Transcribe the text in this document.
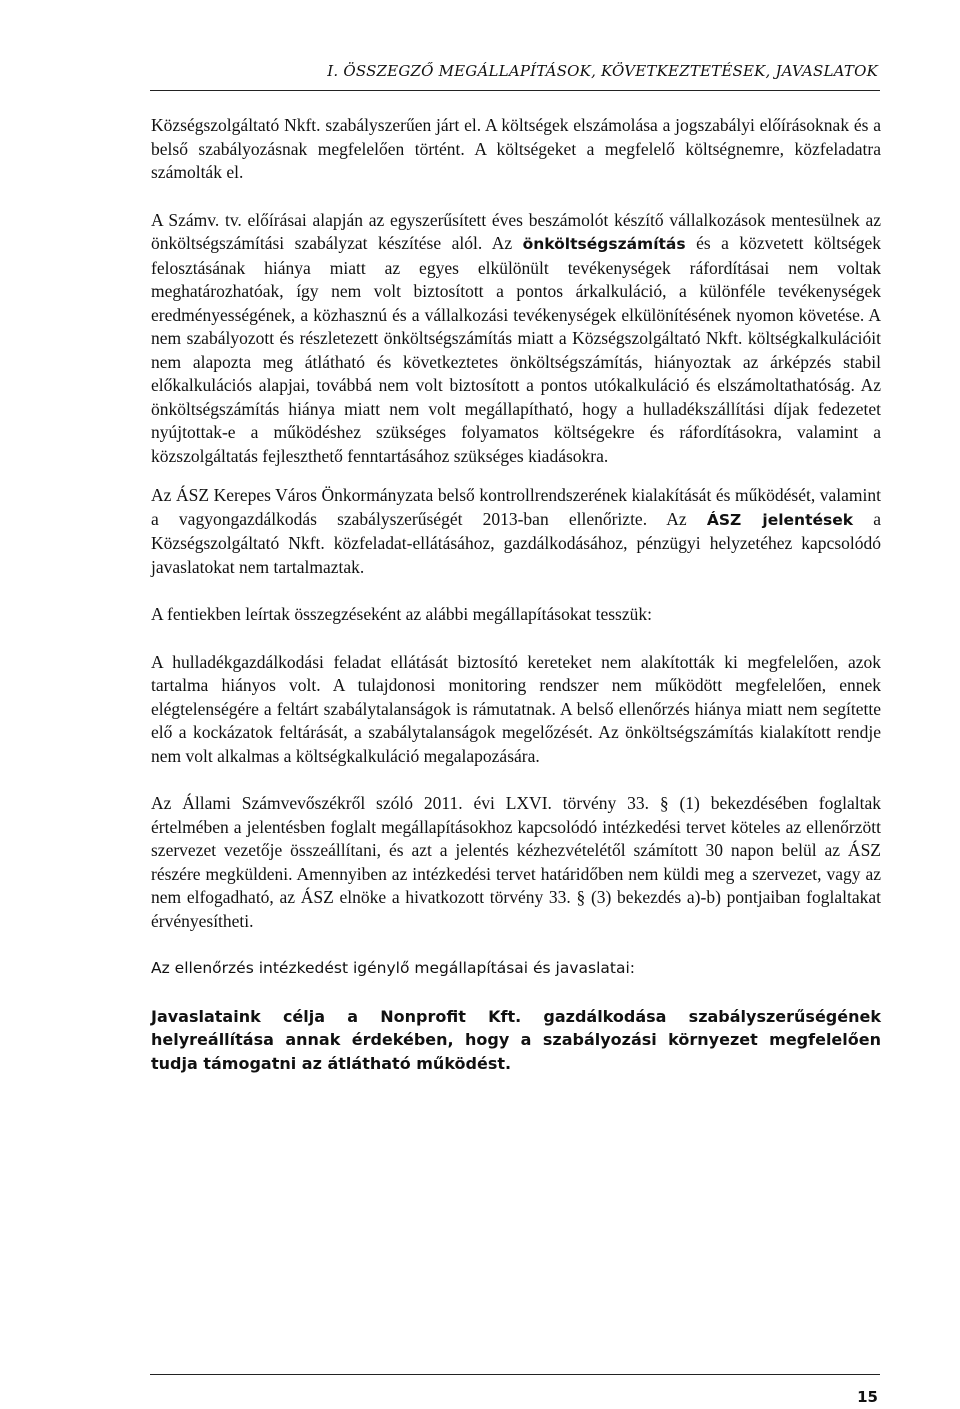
I. ÖSSZEGZŐ MEGÁLLAPÍTÁSOK, KÖVETKEZTETÉSEK, JAVASLATOK

Községszolgáltató Nkft. szabályszerűen járt el. A költségek elszámolása a jogszabályi előírásoknak és a belső szabályozásnak megfelelően történt. A költségeket a megfelelő költségnemre, közfeladatra számolták el.

A Számv. tv. előírásai alapján az egyszerűsített éves beszámolót készítő vállalkozások mentesülnek az önköltségszámítási szabályzat készítése alól. Az önköltségszámítás és a közvetett költségek felosztásának hiánya miatt az egyes elkülönült tevékenységek ráfordításai nem voltak meghatározhatóak, így nem volt biztosított a pontos árkalkuláció, a különféle tevékenységek eredményességének, a közhasznú és a vállalkozási tevékenységek elkülönítésének nyomon követése. A nem szabályozott és részletezett önköltségszámítás miatt a Községszolgáltató Nkft. költségkalkulációit nem alapozta meg átlátható és következtetes önköltségszámítás, hiányoztak az árképzés stabil előkalkulációs alapjai, továbbá nem volt biztosított a pontos utókalkuláció és elszámoltathatóság. Az önköltségszámítás hiánya miatt nem volt megállapítható, hogy a hulladékszállítási díjak fedezetet nyújtottak-e a működéshez szükséges folyamatos költségekre és ráfordításokra, valamint a közszolgáltatás fejleszthető fenntartásához szükséges kiadásokra.

Az ÁSZ Kerepes Város Önkormányzata belső kontrollrendszerének kialakítását és működését, valamint a vagyongazdálkodás szabályszerűségét 2013-ban ellenőrizte. Az ÁSZ jelentések a Községszolgáltató Nkft. közfeladat-ellátásához, gazdálkodásához, pénzügyi helyzetéhez kapcsolódó javaslatokat nem tartalmaztak.

A fentiekben leírtak összegzéseként az alábbi megállapításokat tesszük:

A hulladékgazdálkodási feladat ellátását biztosító kereteket nem alakították ki megfelelően, azok tartalma hiányos volt. A tulajdonosi monitoring rendszer nem működött megfelelően, ennek elégtelenségére a feltárt szabálytalanságok is rámutatnak. A belső ellenőrzés hiánya miatt nem segítette elő a kockázatok feltárását, a szabálytalanságok megelőzését. Az önköltségszámítás kialakított rendje nem volt alkalmas a költségkalkuláció megalapozására.

Az Állami Számvevőszékről szóló 2011. évi LXVI. törvény 33. § (1) bekezdésében foglaltak értelmében a jelentésben foglalt megállapításokhoz kapcsolódó intézkedési tervet köteles az ellenőrzött szervezet vezetője összeállítani, és azt a jelentés kézhezvételétől számított 30 napon belül az ÁSZ részére megküldeni. Amennyiben az intézkedési tervet határidőben nem küldi meg a szervezet, vagy az nem elfogadható, az ÁSZ elnöke a hivatkozott törvény 33. § (3) bekezdés a)-b) pontjaiban foglaltakat érvényesítheti.

Az ellenőrzés intézkedést igénylő megállapításai és javaslatai:

Javaslataink célja a Nonprofit Kft. gazdálkodása szabályszerűségének helyreállítása annak érdekében, hogy a szabályozási környezet megfelelően tudja támogatni az átlátható működést.

15
